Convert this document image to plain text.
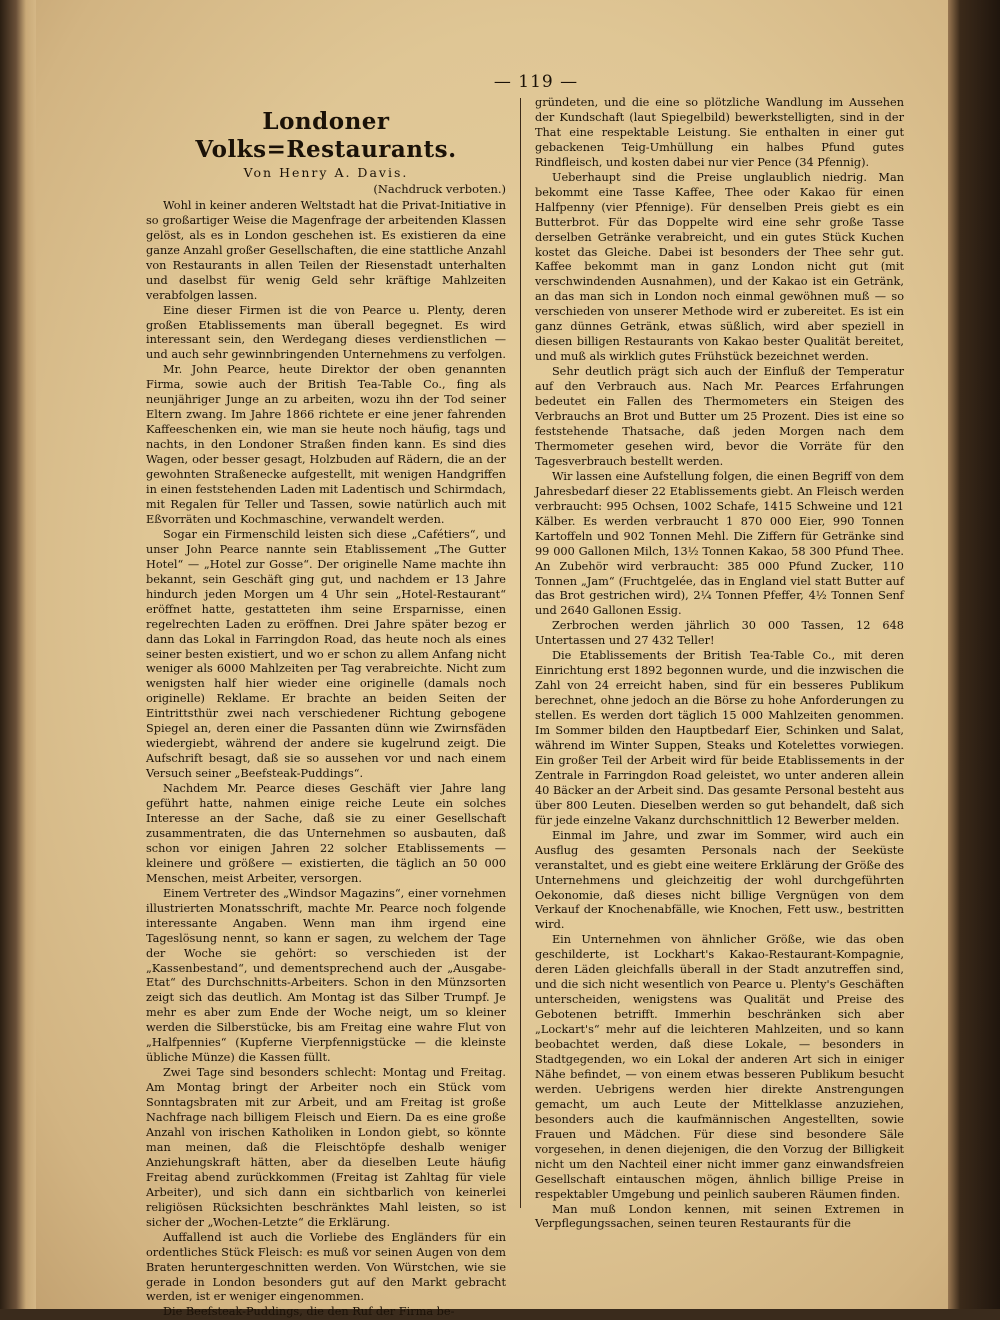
— 119 —
Londoner Volks=Restaurants.
Von Henry A. Davis.
(Nachdruck verboten.)

Wohl in keiner anderen Weltstadt hat die Privat-Initiative in so großartiger Weise die Magenfrage der arbeitenden Klassen gelöst, als es in London geschehen ist. Es existieren da eine ganze Anzahl großer Gesellschaften, die eine stattliche Anzahl von Restaurants in allen Teilen der Riesenstadt unterhalten und daselbst für wenig Geld sehr kräftige Mahlzeiten verabfolgen lassen.

Eine dieser Firmen ist die von Pearce u. Plenty, deren großen Etablissements man überall begegnet. Es wird interessant sein, den Werdegang dieses verdienstlichen — und auch sehr gewinnbringenden Unternehmens zu verfolgen.

Mr. John Pearce, heute Direktor der oben genannten Firma, sowie auch der British Tea-Table Co., fing als neunjähriger Junge an zu arbeiten, wozu ihn der Tod seiner Eltern zwang. Im Jahre 1866 richtete er eine jener fahrenden Kaffeeschenken ein, wie man sie heute noch häufig, tags und nachts, in den Londoner Straßen finden kann. Es sind dies Wagen, oder besser gesagt, Holzbuden auf Rädern, die an der gewohnten Straßenecke aufgestellt, mit wenigen Handgriffen in einen feststehenden Laden mit Ladentisch und Schirmdach, mit Regalen für Teller und Tassen, sowie natürlich auch mit Eßvorräten und Kochmaschine, verwandelt werden.

Sogar ein Firmenschild leisten sich diese „Cafétiers“, und unser John Pearce nannte sein Etablissement „The Gutter Hotel“ — „Hotel zur Gosse“. Der originelle Name machte ihn bekannt, sein Geschäft ging gut, und nachdem er 13 Jahre hindurch jeden Morgen um 4 Uhr sein „Hotel-Restaurant“ eröffnet hatte, gestatteten ihm seine Ersparnisse, einen regelrechten Laden zu eröffnen. Drei Jahre später bezog er dann das Lokal in Farringdon Road, das heute noch als eines seiner besten existiert, und wo er schon zu allem Anfang nicht weniger als 6000 Mahlzeiten per Tag verabreichte. Nicht zum wenigsten half hier wieder eine originelle (damals noch originelle) Reklame. Er brachte an beiden Seiten der Eintrittsthür zwei nach verschiedener Richtung gebogene Spiegel an, deren einer die Passanten dünn wie Zwirnsfäden wiedergiebt, während der andere sie kugelrund zeigt. Die Aufschrift besagt, daß sie so aussehen vor und nach einem Versuch seiner „Beefsteak-Puddings“.

Nachdem Mr. Pearce dieses Geschäft vier Jahre lang geführt hatte, nahmen einige reiche Leute ein solches Interesse an der Sache, daß sie zu einer Gesellschaft zusammentraten, die das Unternehmen so ausbauten, daß schon vor einigen Jahren 22 solcher Etablissements — kleinere und größere — existierten, die täglich an 50 000 Menschen, meist Arbeiter, versorgen.

Einem Vertreter des „Windsor Magazins“, einer vornehmen illustrierten Monatsschrift, machte Mr. Pearce noch folgende interessante Angaben. Wenn man ihm irgend eine Tageslösung nennt, so kann er sagen, zu welchem der Tage der Woche sie gehört: so verschieden ist der „Kassenbestand“, und dementsprechend auch der „Ausgabe-Etat“ des Durchschnitts-Arbeiters. Schon in den Münzsorten zeigt sich das deutlich. Am Montag ist das Silber Trumpf. Je mehr es aber zum Ende der Woche neigt, um so kleiner werden die Silberstücke, bis am Freitag eine wahre Flut von „Halfpennies“ (Kupferne Vierpfennigstücke — die kleinste übliche Münze) die Kassen füllt.

Zwei Tage sind besonders schlecht: Montag und Freitag. Am Montag bringt der Arbeiter noch ein Stück vom Sonntagsbraten mit zur Arbeit, und am Freitag ist große Nachfrage nach billigem Fleisch und Eiern. Da es eine große Anzahl von irischen Katholiken in London giebt, so könnte man meinen, daß die Fleischtöpfe deshalb weniger Anziehungskraft hätten, aber da dieselben Leute häufig Freitag abend zurückkommen (Freitag ist Zahltag für viele Arbeiter), und sich dann ein sichtbarlich von keinerlei religiösen Rücksichten beschränktes Mahl leisten, so ist sicher der „Wochen-Letzte“ die Erklärung.

Auffallend ist auch die Vorliebe des Engländers für ein ordentliches Stück Fleisch: es muß vor seinen Augen von dem Braten heruntergeschnitten werden. Von Würstchen, wie sie gerade in London besonders gut auf den Markt gebracht werden, ist er weniger eingenommen.

Die Beefsteak-Puddings, die den Ruf der Firma be-

gründeten, und die eine so plötzliche Wandlung im Aussehen der Kundschaft (laut Spiegelbild) bewerkstelligten, sind in der That eine respektable Leistung. Sie enthalten in einer gut gebackenen Teig-Umhüllung ein halbes Pfund gutes Rindfleisch, und kosten dabei nur vier Pence (34 Pfennig).

Ueberhaupt sind die Preise unglaublich niedrig. Man bekommt eine Tasse Kaffee, Thee oder Kakao für einen Halfpenny (vier Pfennige). Für denselben Preis giebt es ein Butterbrot. Für das Doppelte wird eine sehr große Tasse derselben Getränke verabreicht, und ein gutes Stück Kuchen kostet das Gleiche. Dabei ist besonders der Thee sehr gut. Kaffee bekommt man in ganz London nicht gut (mit verschwindenden Ausnahmen), und der Kakao ist ein Getränk, an das man sich in London noch einmal gewöhnen muß — so verschieden von unserer Methode wird er zubereitet. Es ist ein ganz dünnes Getränk, etwas süßlich, wird aber speziell in diesen billigen Restaurants von Kakao bester Qualität bereitet, und muß als wirklich gutes Frühstück bezeichnet werden.

Sehr deutlich prägt sich auch der Einfluß der Temperatur auf den Verbrauch aus. Nach Mr. Pearces Erfahrungen bedeutet ein Fallen des Thermometers ein Steigen des Verbrauchs an Brot und Butter um 25 Prozent. Dies ist eine so feststehende Thatsache, daß jeden Morgen nach dem Thermometer gesehen wird, bevor die Vorräte für den Tagesverbrauch bestellt werden.

Wir lassen eine Aufstellung folgen, die einen Begriff von dem Jahresbedarf dieser 22 Etablissements giebt. An Fleisch werden verbraucht: 995 Ochsen, 1002 Schafe, 1415 Schweine und 121 Kälber. Es werden verbraucht 1 870 000 Eier, 990 Tonnen Kartoffeln und 902 Tonnen Mehl. Die Ziffern für Getränke sind 99 000 Gallonen Milch, 13½ Tonnen Kakao, 58 300 Pfund Thee. An Zubehör wird verbraucht: 385 000 Pfund Zucker, 110 Tonnen „Jam“ (Fruchtgelée, das in England viel statt Butter auf das Brot gestrichen wird), 2¼ Tonnen Pfeffer, 4½ Tonnen Senf und 2640 Gallonen Essig.

Zerbrochen werden jährlich 30 000 Tassen, 12 648 Untertassen und 27 432 Teller!

Die Etablissements der British Tea-Table Co., mit deren Einrichtung erst 1892 begonnen wurde, und die inzwischen die Zahl von 24 erreicht haben, sind für ein besseres Publikum berechnet, ohne jedoch an die Börse zu hohe Anforderungen zu stellen. Es werden dort täglich 15 000 Mahlzeiten genommen. Im Sommer bilden den Hauptbedarf Eier, Schinken und Salat, während im Winter Suppen, Steaks und Kotelettes vorwiegen. Ein großer Teil der Arbeit wird für beide Etablissements in der Zentrale in Farringdon Road geleistet, wo unter anderen allein 40 Bäcker an der Arbeit sind. Das gesamte Personal besteht aus über 800 Leuten. Dieselben werden so gut behandelt, daß sich für jede einzelne Vakanz durchschnittlich 12 Bewerber melden.

Einmal im Jahre, und zwar im Sommer, wird auch ein Ausflug des gesamten Personals nach der Seeküste veranstaltet, und es giebt eine weitere Erklärung der Größe des Unternehmens und gleichzeitig der wohl durchgeführten Oekonomie, daß dieses nicht billige Vergnügen von dem Verkauf der Knochenabfälle, wie Knochen, Fett usw., bestritten wird.

Ein Unternehmen von ähnlicher Größe, wie das oben geschilderte, ist Lockhart's Kakao-Restaurant-Kompagnie, deren Läden gleichfalls überall in der Stadt anzutreffen sind, und die sich nicht wesentlich von Pearce u. Plenty's Geschäften unterscheiden, wenigstens was Qualität und Preise des Gebotenen betrifft. Immerhin beschränken sich aber „Lockart's“ mehr auf die leichteren Mahlzeiten, und so kann beobachtet werden, daß diese Lokale, — besonders in Stadtgegenden, wo ein Lokal der anderen Art sich in einiger Nähe befindet, — von einem etwas besseren Publikum besucht werden. Uebrigens werden hier direkte Anstrengungen gemacht, um auch Leute der Mittelklasse anzuziehen, besonders auch die kaufmännischen Angestellten, sowie Frauen und Mädchen. Für diese sind besondere Säle vorgesehen, in denen diejenigen, die den Vorzug der Billigkeit nicht um den Nachteil einer nicht immer ganz einwandsfreien Gesellschaft eintauschen mögen, ähnlich billige Preise in respektabler Umgebung und peinlich sauberen Räumen finden.

Man muß London kennen, mit seinen Extremen in Verpflegungssachen, seinen teuren Restaurants für die
